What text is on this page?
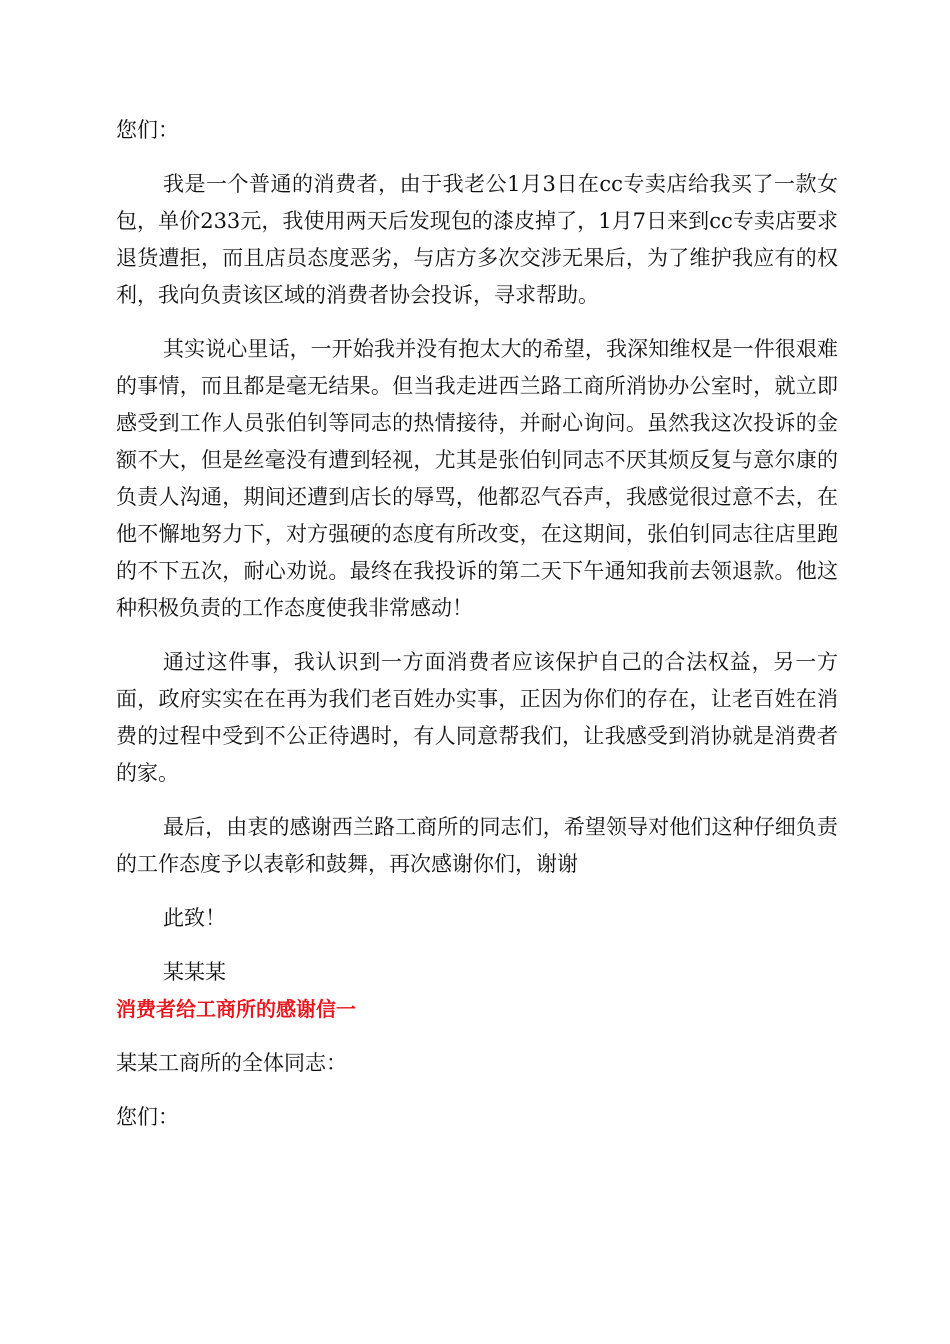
您们：

我是一个普通的消费者，由于我老公1月3日在cc专卖店给我买了一款女包，单价233元，我使用两天后发现包的漆皮掉了，1月7日来到cc专卖店要求退货遭拒，而且店员态度恶劣，与店方多次交涉无果后，为了维护我应有的权利，我向负责该区域的消费者协会投诉，寻求帮助。

其实说心里话，一开始我并没有抱太大的希望，我深知维权是一件很艰难的事情，而且都是毫无结果。但当我走进西兰路工商所消协办公室时，就立即感受到工作人员张伯钊等同志的热情接待，并耐心询问。虽然我这次投诉的金额不大，但是丝毫没有遭到轻视，尤其是张伯钊同志不厌其烦反复与意尔康的负责人沟通，期间还遭到店长的辱骂，他都忍气吞声，我感觉很过意不去，在他不懈地努力下，对方强硬的态度有所改变，在这期间，张伯钊同志往店里跑的不下五次，耐心劝说。最终在我投诉的第二天下午通知我前去领退款。他这种积极负责的工作态度使我非常感动！

通过这件事，我认识到一方面消费者应该保护自己的合法权益，另一方面，政府实实在在再为我们老百姓办实事，正因为你们的存在，让老百姓在消费的过程中受到不公正待遇时，有人同意帮我们，让我感受到消协就是消费者的家。

最后，由衷的感谢西兰路工商所的同志们，希望领导对他们这种仔细负责的工作态度予以表彰和鼓舞，再次感谢你们，谢谢

此致！

某某某

消费者给工商所的感谢信一

某某工商所的全体同志：

您们：
